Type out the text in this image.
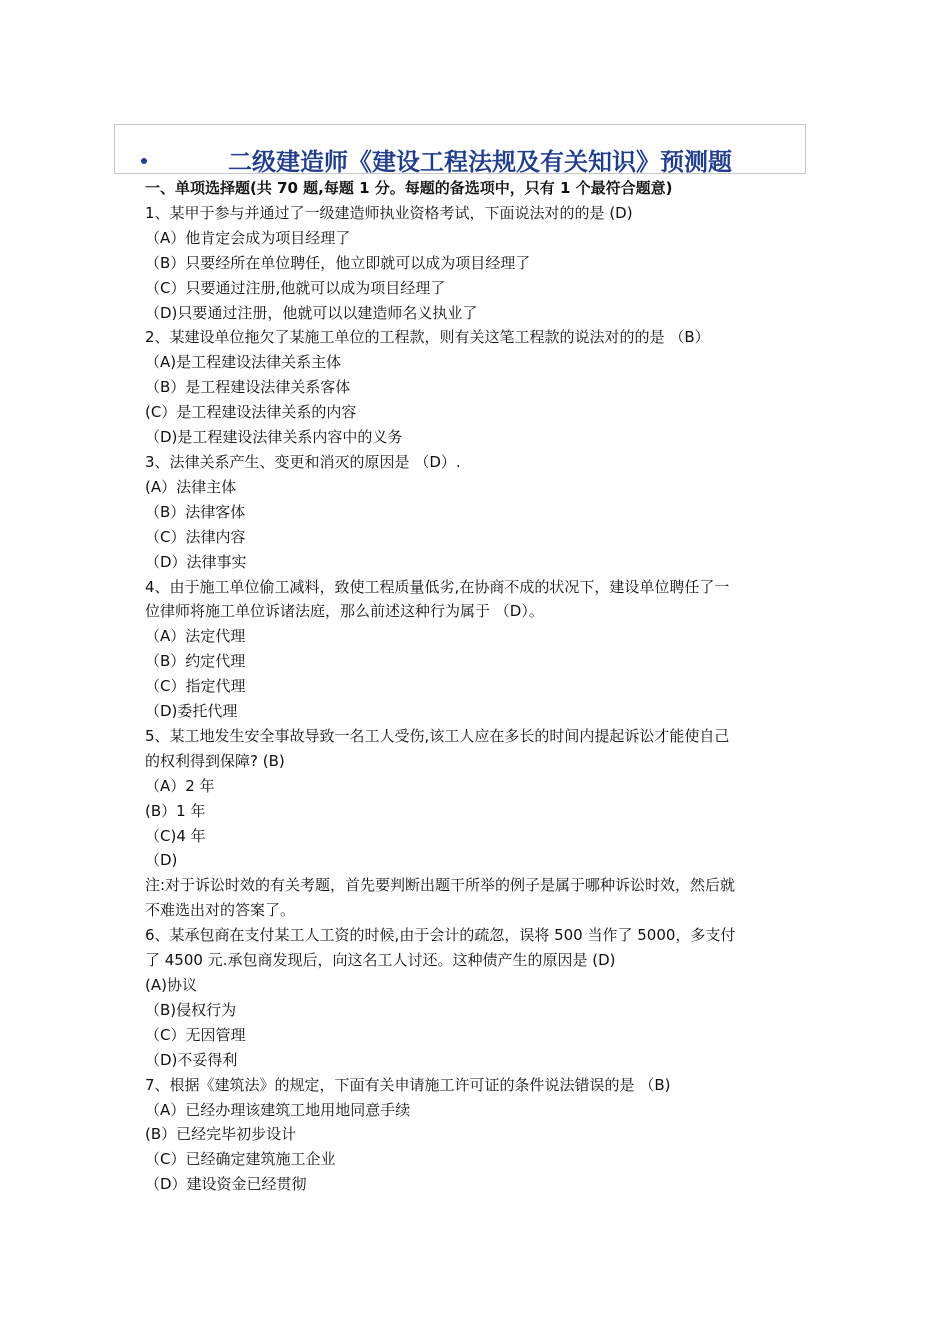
二级建造师《建设工程法规及有关知识》预测题
一、单项选择题(共 70 题,每题 1 分。每题的备选项中，只有 1 个最符合题意)
1、某甲于参与并通过了一级建造师执业资格考试，下面说法对的的是 (D)
（A）他肯定会成为项目经理了
（B）只要经所在单位聘任，他立即就可以成为项目经理了
（C）只要通过注册,他就可以成为项目经理了
（D)只要通过注册，他就可以以建造师名义执业了
2、某建设单位拖欠了某施工单位的工程款，则有关这笔工程款的说法对的的是 （B）
（A)是工程建设法律关系主体
（B）是工程建设法律关系客体
(C）是工程建设法律关系的内容
（D)是工程建设法律关系内容中的义务
3、法律关系产生、变更和消灭的原因是 （D）.
(A）法律主体
（B）法律客体
（C）法律内容
（D）法律事实
4、由于施工单位偷工减料，致使工程质量低劣,在协商不成的状况下，建设单位聘任了一
位律师将施工单位诉诸法庭，那么前述这种行为属于 （D）。
（A）法定代理
（B）约定代理
（C）指定代理
（D)委托代理
5、某工地发生安全事故导致一名工人受伤,该工人应在多长的时间内提起诉讼才能使自己
的权利得到保障? (B)
（A）2 年
(B）1 年
（C)4 年
（D)
注:对于诉讼时效的有关考题，首先要判断出题干所举的例子是属于哪种诉讼时效，然后就
不难选出对的答案了。
6、某承包商在支付某工人工资的时候,由于会计的疏忽，误将 500 当作了 5000，多支付
了 4500 元.承包商发现后，向这名工人讨还。这种债产生的原因是 (D)
(A)协议
（B)侵权行为
（C）无因管理
（D)不妥得利
7、根据《建筑法》的规定，下面有关申请施工许可证的条件说法错误的是 （B)
（A）已经办理该建筑工地用地同意手续
(B）已经完毕初步设计
（C）已经确定建筑施工企业
（D）建设资金已经贯彻
